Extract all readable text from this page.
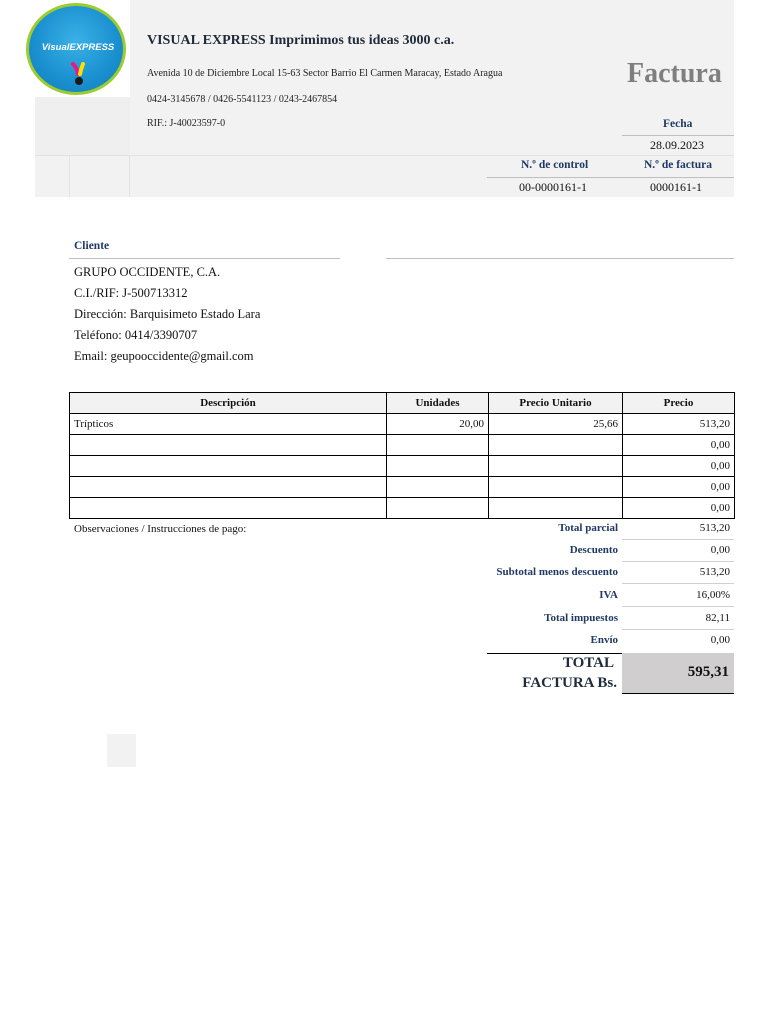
VisualEXPRESS	VISUAL EXPRESS Imprimimos tus ideas 3000 c.a.
Avenida 10 de Diciembre Local 15-63 Sector Barrio El Carmen Maracay, Estado Aragua
0424-3145678 / 0426-5541123 / 0243-2467854
RIF.: J-40023597-0
Factura
Fecha
28.09.2023
N.º de control	N.º de factura
00-0000161-1	0000161-1
Cliente
GRUPO OCCIDENTE, C.A.
C.I./RIF: J-500713312
Dirección: Barquisimeto Estado Lara
Teléfono: 0414/3390707
Email: geupooccidente@gmail.com
Descripción	Unidades	Precio Unitario	Precio
Trípticos	20,00	25,66	513,20
			0,00
			0,00
			0,00
			0,00
Observaciones / Instrucciones de pago:	Total parcial	513,20
Descuento	0,00
Subtotal menos descuento	513,20
IVA	16,00%
Total impuestos	82,11
Envío	0,00
TOTAL
FACTURA Bs.
595,31
